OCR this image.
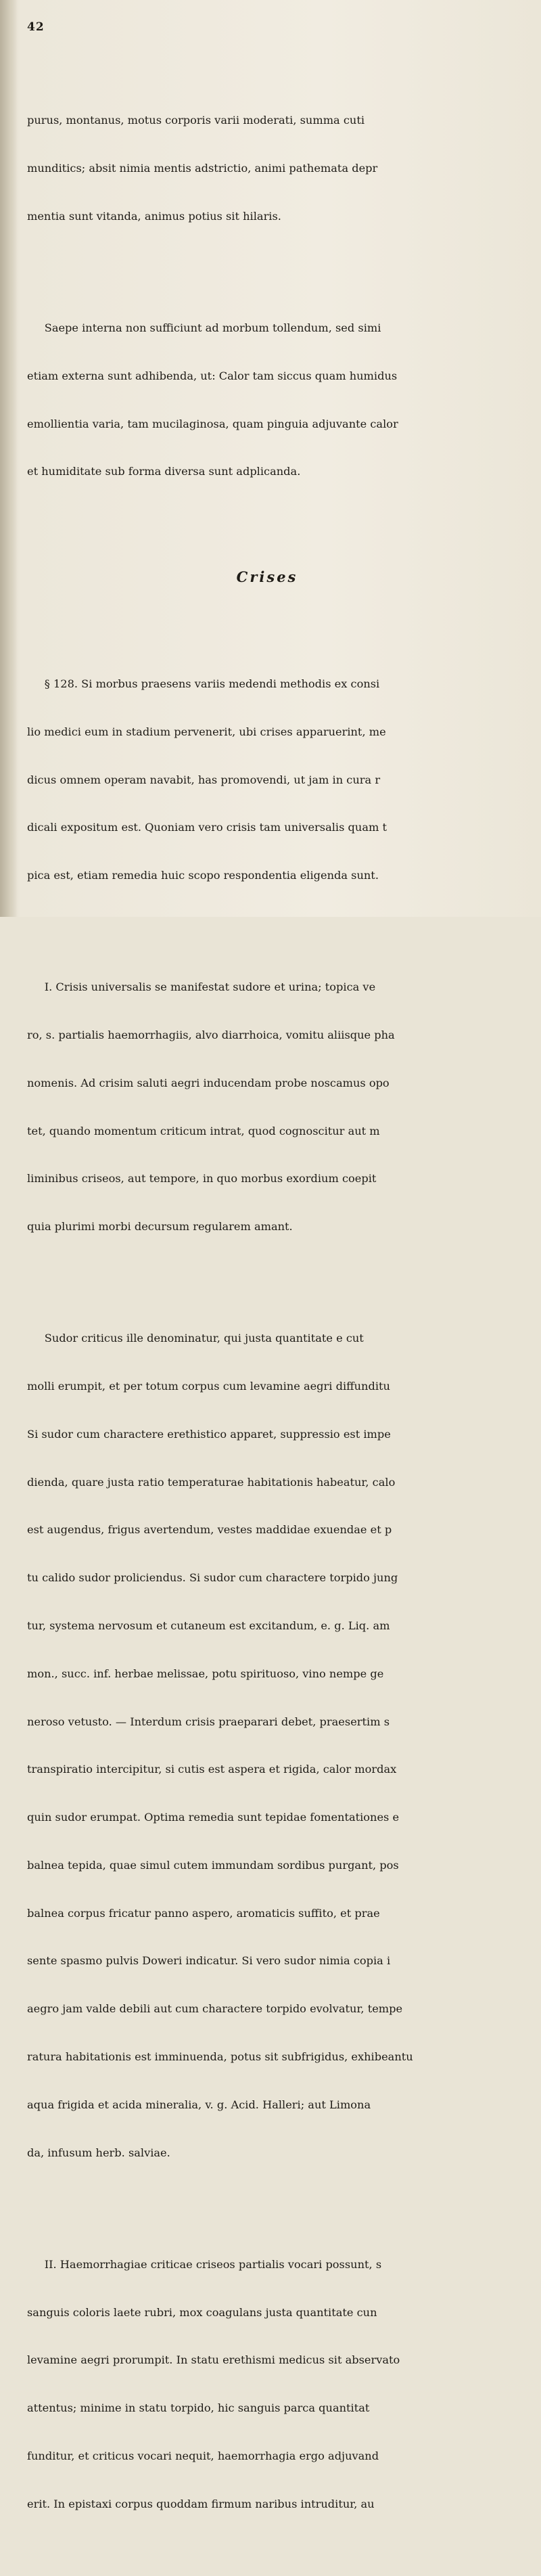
42

purus, montanus, motus corporis varii moderati, summa cuti

munditics; absit nimia mentis adstrictio, animi pathemata depr

mentia sunt vitanda, animus potius sit hilaris.

Saepe interna non sufficiunt ad morbum tollendum, sed simi

etiam externa sunt adhibenda, ut: Calor tam siccus quam humidus

emollientia varia, tam mucilaginosa, quam pinguia adjuvante calor

et humiditate sub forma diversa sunt adplicanda.

Crises

§ 128. Si morbus praesens variis medendi methodis ex consi

lio medici eum in stadium pervenerit, ubi crises apparuerint, me

dicus omnem operam navabit, has promovendi, ut jam in cura r

dicali expositum est. Quoniam vero crisis tam universalis quam t

pica est, etiam remedia huic scopo respondentia eligenda sunt.

I. Crisis universalis se manifestat sudore et urina; topica ve

ro, s. partialis haemorrhagiis, alvo diarrhoica, vomitu aliisque pha

nomenis. Ad crisim saluti aegri inducendam probe noscamus opo

tet, quando momentum criticum intrat, quod cognoscitur aut m

liminibus criseos, aut tempore, in quo morbus exordium coepit

quia plurimi morbi decursum regularem amant.

Sudor criticus ille denominatur, qui justa quantitate e cut

molli erumpit, et per totum corpus cum levamine aegri diffunditu

Si sudor cum charactere erethistico apparet, suppressio est impe

dienda, quare justa ratio temperaturae habitationis habeatur, calo

est augendus, frigus avertendum, vestes maddidae exuendae et p

tu calido sudor proliciendus. Si sudor cum charactere torpido jung

tur, systema nervosum et cutaneum est excitandum, e. g. Liq. am

mon., succ. inf. herbae melissae, potu spirituoso, vino nempe ge

neroso vetusto. — Interdum crisis praeparari debet, praesertim s

transpiratio intercipitur, si cutis est aspera et rigida, calor mordax

quin sudor erumpat. Optima remedia sunt tepidae fomentationes e

balnea tepida, quae simul cutem immundam sordibus purgant, pos

balnea corpus fricatur panno aspero, aromaticis suffito, et prae

sente spasmo pulvis Doweri indicatur. Si vero sudor nimia copia i

aegro jam valde debili aut cum charactere torpido evolvatur, tempe

ratura habitationis est imminuenda, potus sit subfrigidus, exhibeantu

aqua frigida et acida mineralia, v. g. Acid. Halleri; aut Limona

da, infusum herb. salviae.

II. Haemorrhagiae criticae criseos partialis vocari possunt, s

sanguis coloris laete rubri, mox coagulans justa quantitate cun

levamine aegri prorumpit. In statu erethismi medicus sit abservato

attentus; minime in statu torpido, hic sanguis parca quantitat

funditur, et criticus vocari nequit, haemorrhagia ergo adjuvand

erit. In epistaxi corpus quoddam firmum naribus intruditur, au
